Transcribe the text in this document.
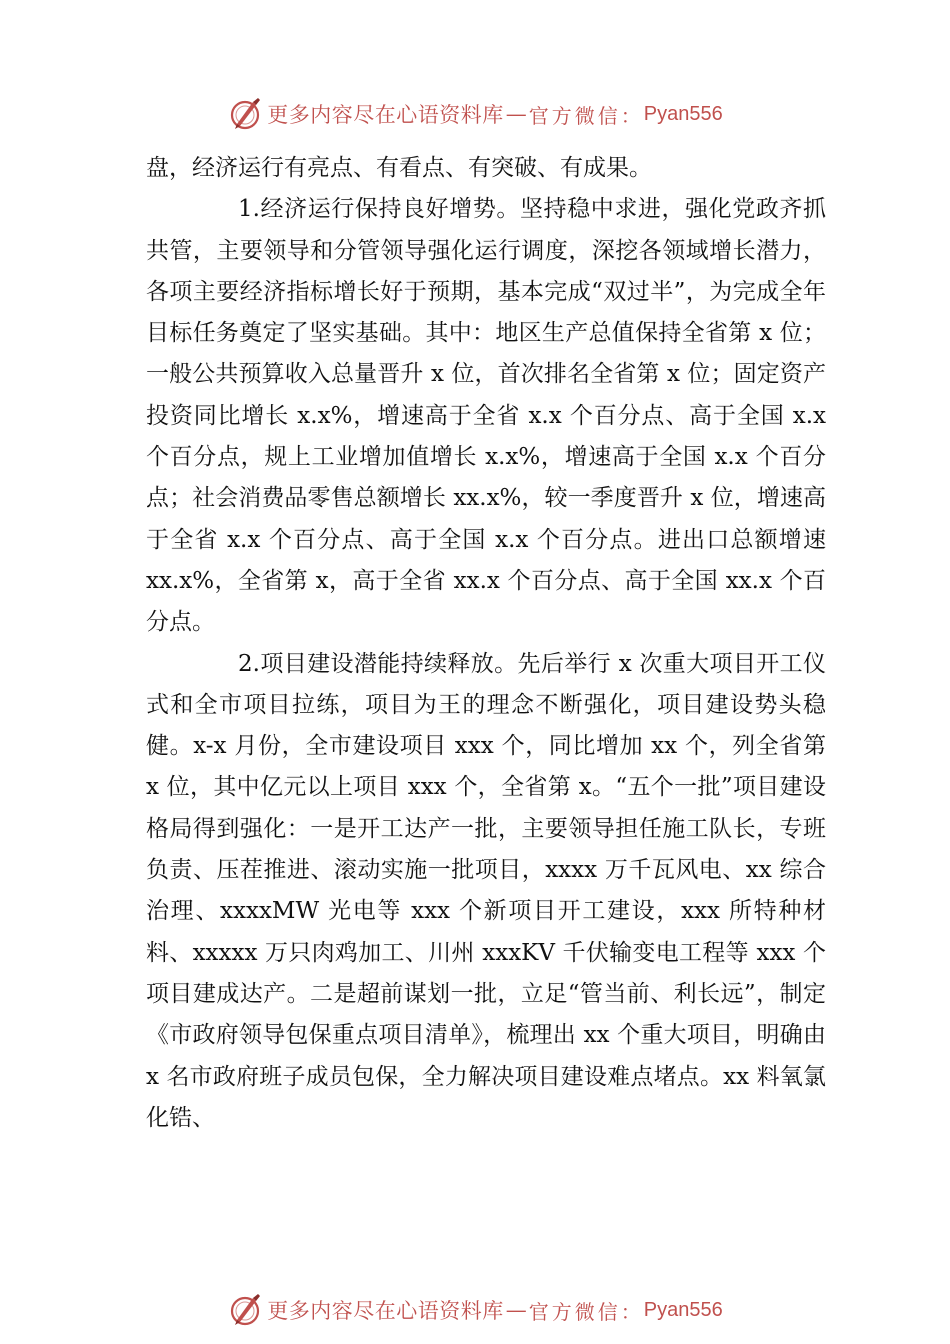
更多内容尽在心语资料库 — 官方微信： Pyan556

盘，经济运行有亮点、有看点、有突破、有成果。

1.经济运行保持良好增势。坚持稳中求进，强化党政齐抓共管，主要领导和分管领导强化运行调度，深挖各领域增长潜力，各项主要经济指标增长好于预期，基本完成“双过半”，为完成全年目标任务奠定了坚实基础。其中：地区生产总值保持全省第 x 位；一般公共预算收入总量晋升 x 位，首次排名全省第 x 位；固定资产投资同比增长 x.x%，增速高于全省 x.x 个百分点、高于全国 x.x 个百分点，规上工业增加值增长 x.x%，增速高于全国 x.x 个百分点；社会消费品零售总额增长 xx.x%，较一季度晋升 x 位，增速高于全省 x.x 个百分点、高于全国 x.x 个百分点。进出口总额增速 xx.x%，全省第 x，高于全省 xx.x 个百分点、高于全国 xx.x 个百分点。

2.项目建设潜能持续释放。先后举行 x 次重大项目开工仪式和全市项目拉练，项目为王的理念不断强化，项目建设势头稳健。x-x 月份，全市建设项目 xxx 个，同比增加 xx 个，列全省第 x 位，其中亿元以上项目 xxx 个，全省第 x。“五个一批”项目建设格局得到强化：一是开工达产一批，主要领导担任施工队长，专班负责、压茬推进、滚动实施一批项目，xxxx 万千瓦风电、xx 综合治理、xxxxMW 光电等 xxx 个新项目开工建设，xxx 所特种材料、xxxxx 万只肉鸡加工、川州 xxxKV 千伏输变电工程等 xxx 个项目建成达产。二是超前谋划一批，立足“管当前、利长远”，制定《市政府领导包保重点项目清单》，梳理出 xx 个重大项目，明确由 x 名市政府班子成员包保，全力解决项目建设难点堵点。xx 料氧氯化锆、

更多内容尽在心语资料库 — 官方微信： Pyan556
